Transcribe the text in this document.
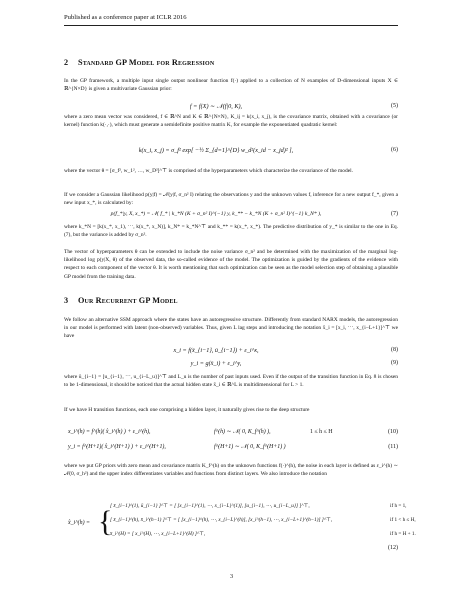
Published as a conference paper at ICLR 2016
2 Standard GP Model for Regression
In the GP framework, a multiple input single output nonlinear function f(·) applied to a collection of N examples of D-dimensional inputs X ∈ ℝ^{N×D} is given a multivariate Gaussian prior:
f = f(X) ∼ 𝒩(f|0, K),	(5)
where a zero mean vector was considered, f ∈ ℝ^N and K ∈ ℝ^{N×N}, K_ij = k(x_i, x_j), is the covariance matrix, obtained with a covariance (or kernel) function k(·,·), which must generate a semidefinite positive matrix K, for example the exponentiated quadratic kernel:
k(x_i, x_j) = σ_f² exp[ −½ Σ_{d=1}^{D} w_d²(x_id − x_jd)² ],	(6)
where the vector θ = [σ_f², w_1², …, w_D²]^⊤ is comprised of the hyperparameters which characterize the covariance of the model.
If we consider a Gaussian likelihood p(y|f) = 𝒩(y|f, σ_n² I) relating the observations y and the unknown values f, inference for a new output f_*, given a new input x_*, is calculated by:
p(f_*|y, X, x_*) = 𝒩( f_* | k_*N (K + σ_n² I)^{−1} y, k_** − k_*N (K + σ_n² I)^{−1} k_N* ),	(7)
where k_*N = [k(x_*, x_1), ⋯, k(x_*, x_N)], k_N* = k_*N^⊤ and k_** = k(x_*, x_*). The predictive distribution of y_* is similar to the one in Eq. (7), but the variance is added by σ_n².
The vector of hyperparameters θ can be extended to include the noise variance σ_n² and be determined with the maximization of the marginal log-likelihood log p(y|X, θ) of the observed data, the so-called evidence of the model. The optimization is guided by the gradients of the evidence with respect to each component of the vector θ. It is worth mentioning that such optimization can be seen as the model selection step of obtaining a plausible GP model from the training data.
3 Our Recurrent GP Model
We follow an alternative SSM approach where the states have an autoregressive structure. Differently from standard NARX models, the autoregression in our model is performed with latent (non-observed) variables. Thus, given L lag steps and introducing the notation x̄_i = [x_i, ⋯, x_{i−L+1}]^⊤ we have
x_i = f(x̄_{i−1}, ū_{i−1}) + ε_i^x,	(8)
y_i = g(x̄_i) + ε_i^y,	(9)
where ū_{i−1} = [u_{i−1}, ⋯, u_{i−L_u}]^⊤ and L_u is the number of past inputs used. Even if the output of the transition function in Eq. 8 is chosen to be 1-dimensional, it should be noticed that the actual hidden state x̄_i ∈ ℝ^L is multidimensional for L > 1.
If we have H transition functions, each one comprising a hidden layer, it naturally gives rise to the deep structure
x_i^(h) = f^(h)( x̂_i^(h) ) + ε_i^(h),	f^(h) ∼ 𝒩( 0, K_f^(h) ),	1 ≤ h ≤ H	(10)
y_i = f^(H+1)( x̂_i^(H+1) ) + ε_i^(H+1),	f^(H+1) ∼ 𝒩( 0, K_f^(H+1) )	(11)
where we put GP priors with zero mean and covariance matrix K_f^(h) on the unknown functions f(·)^(h), the noise in each layer is defined as ε_i^(h) ∼ 𝒩(0, σ_h²) and the upper index differentiates variables and functions from distinct layers. We also introduce the notation
x̂_i^(h) = {
[ x̄_{i−1}^(1), ū_{i−1} ]^⊤ = [ [x_{i−1}^(1), ⋯, x_{i−L}^(1)], [u_{i−1}, ⋯, u_{i−L_u}] ]^⊤,	if h = 1,
[ x̄_{i−1}^(h), x̄_i^(h−1) ]^⊤ = [ [x_{i−1}^(h), ⋯, x_{i−L}^(h)], [x_i^(h−1), ⋯, x_{i−L+1}^(h−1)] ]^⊤,	if 1 < h ≤ H,
x̄_i^(H) = [ x_i^(H), ⋯, x_{i−L+1}^(H) ]^⊤,	if h = H + 1.
(12)
3
